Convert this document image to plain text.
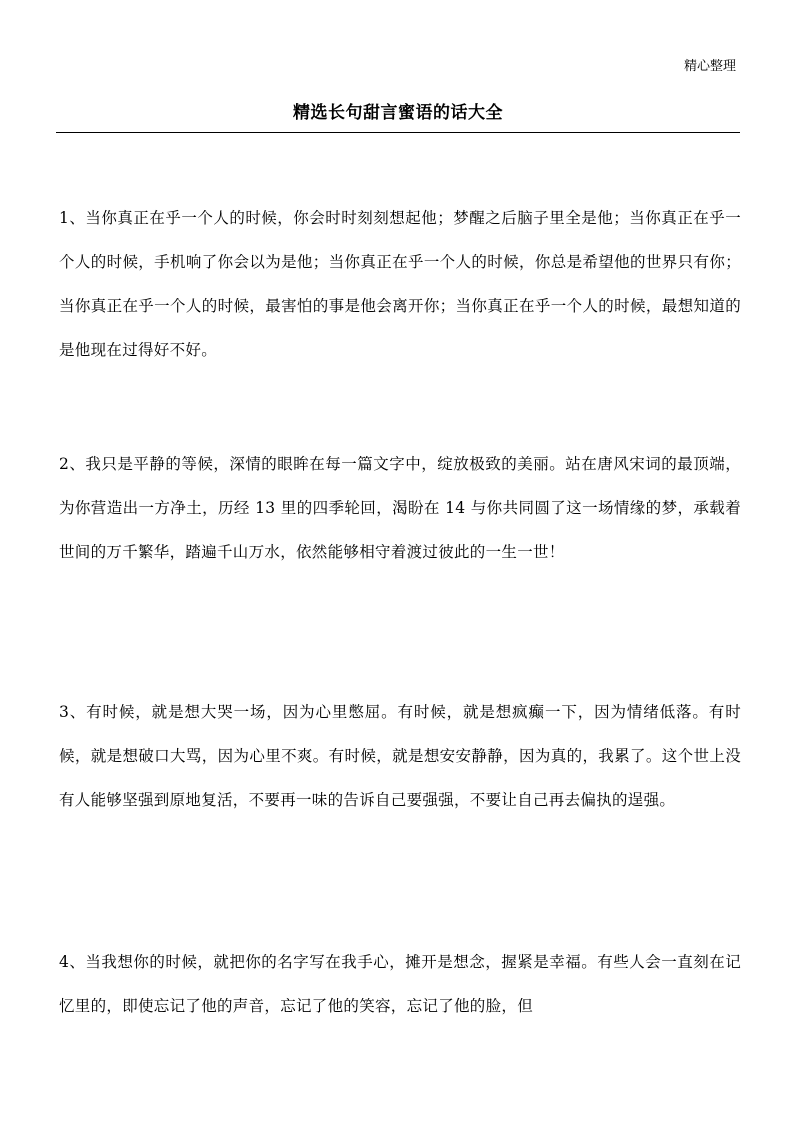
精心整理
精选长句甜言蜜语的话大全
1、当你真正在乎一个人的时候，你会时时刻刻想起他；梦醒之后脑子里全是他；当你真正在乎一个人的时候，手机响了你会以为是他；当你真正在乎一个人的时候，你总是希望他的世界只有你；当你真正在乎一个人的时候，最害怕的事是他会离开你；当你真正在乎一个人的时候，最想知道的是他现在过得好不好。
2、我只是平静的等候，深情的眼眸在每一篇文字中，绽放极致的美丽。站在唐风宋词的最顶端，为你营造出一方净土，历经 13 里的四季轮回，渴盼在 14 与你共同圆了这一场情缘的梦，承载着世间的万千繁华，踏遍千山万水，依然能够相守着渡过彼此的一生一世！
3、有时候，就是想大哭一场，因为心里憋屈。有时候，就是想疯癫一下，因为情绪低落。有时候，就是想破口大骂，因为心里不爽。有时候，就是想安安静静，因为真的，我累了。这个世上没有人能够坚强到原地复活，不要再一味的告诉自己要强强，不要让自己再去偏执的逞强。
4、当我想你的时候，就把你的名字写在我手心，摊开是想念，握紧是幸福。有些人会一直刻在记忆里的，即使忘记了他的声音，忘记了他的笑容，忘记了他的脸，但
